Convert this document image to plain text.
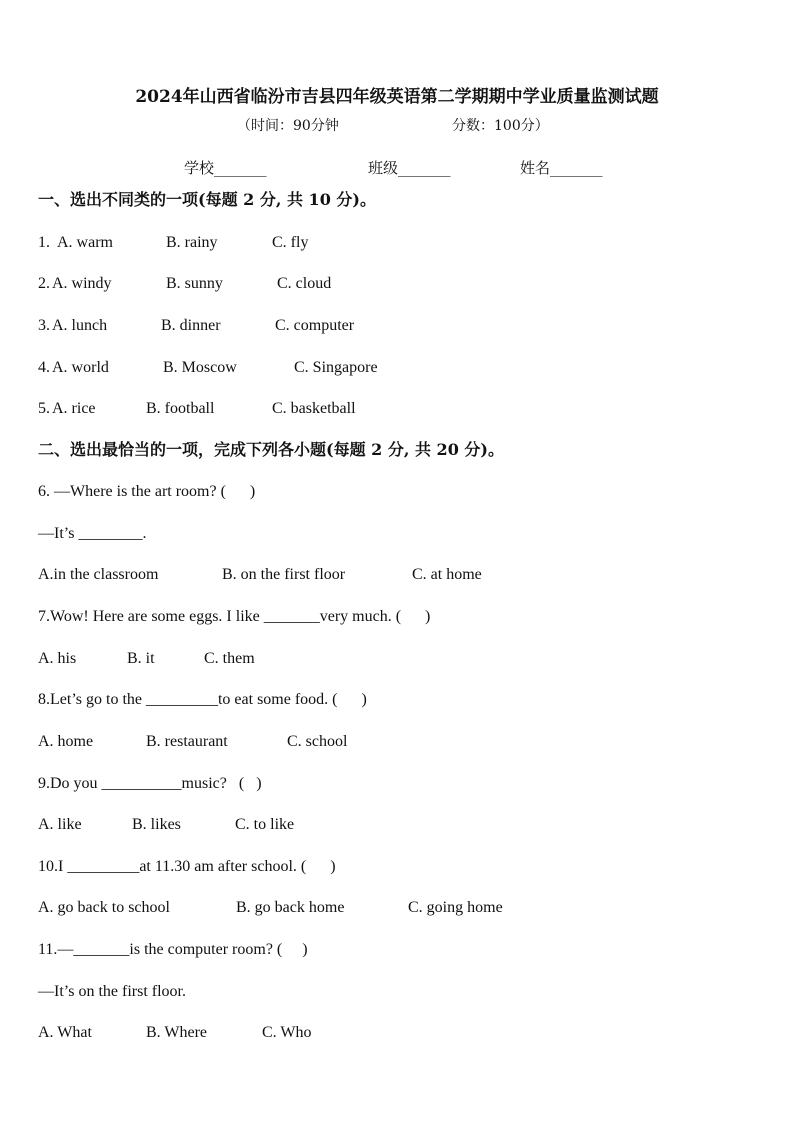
2024年山西省临汾市吉县四年级英语第二学期期中学业质量监测试题
（时间：90分钟	分数：100分）
学校_______	班级_______	姓名_______
一、选出不同类的一项(每题 2 分, 共 10 分)。
1. A. warm	B. rainy	C. fly
2. A. windy	B. sunny	C. cloud
3. A. lunch	B. dinner	C. computer
4. A. world	B. Moscow	C. Singapore
5. A. rice	B. football	C. basketball
二、选出最恰当的一项，完成下列各小题(每题 2 分, 共 20 分)。
6. —Where is the art room? (      )
—It’s ________.
A.in the classroom	B. on the first floor	C. at home
7.Wow! Here are some eggs. I like _______very much. (      )
A. his	B. it	C. them
8.Let’s go to the _________to eat some food. (      )
A. home	B. restaurant	C. school
9.Do you __________music?   (   )
A. like	B. likes	C. to like
10.I _________at 11.30 am after school. (      )
A. go back to school	B. go back home	C. going home
11.—_______is the computer room? (     )
—It’s on the first floor.
A. What	B. Where	C. Who
